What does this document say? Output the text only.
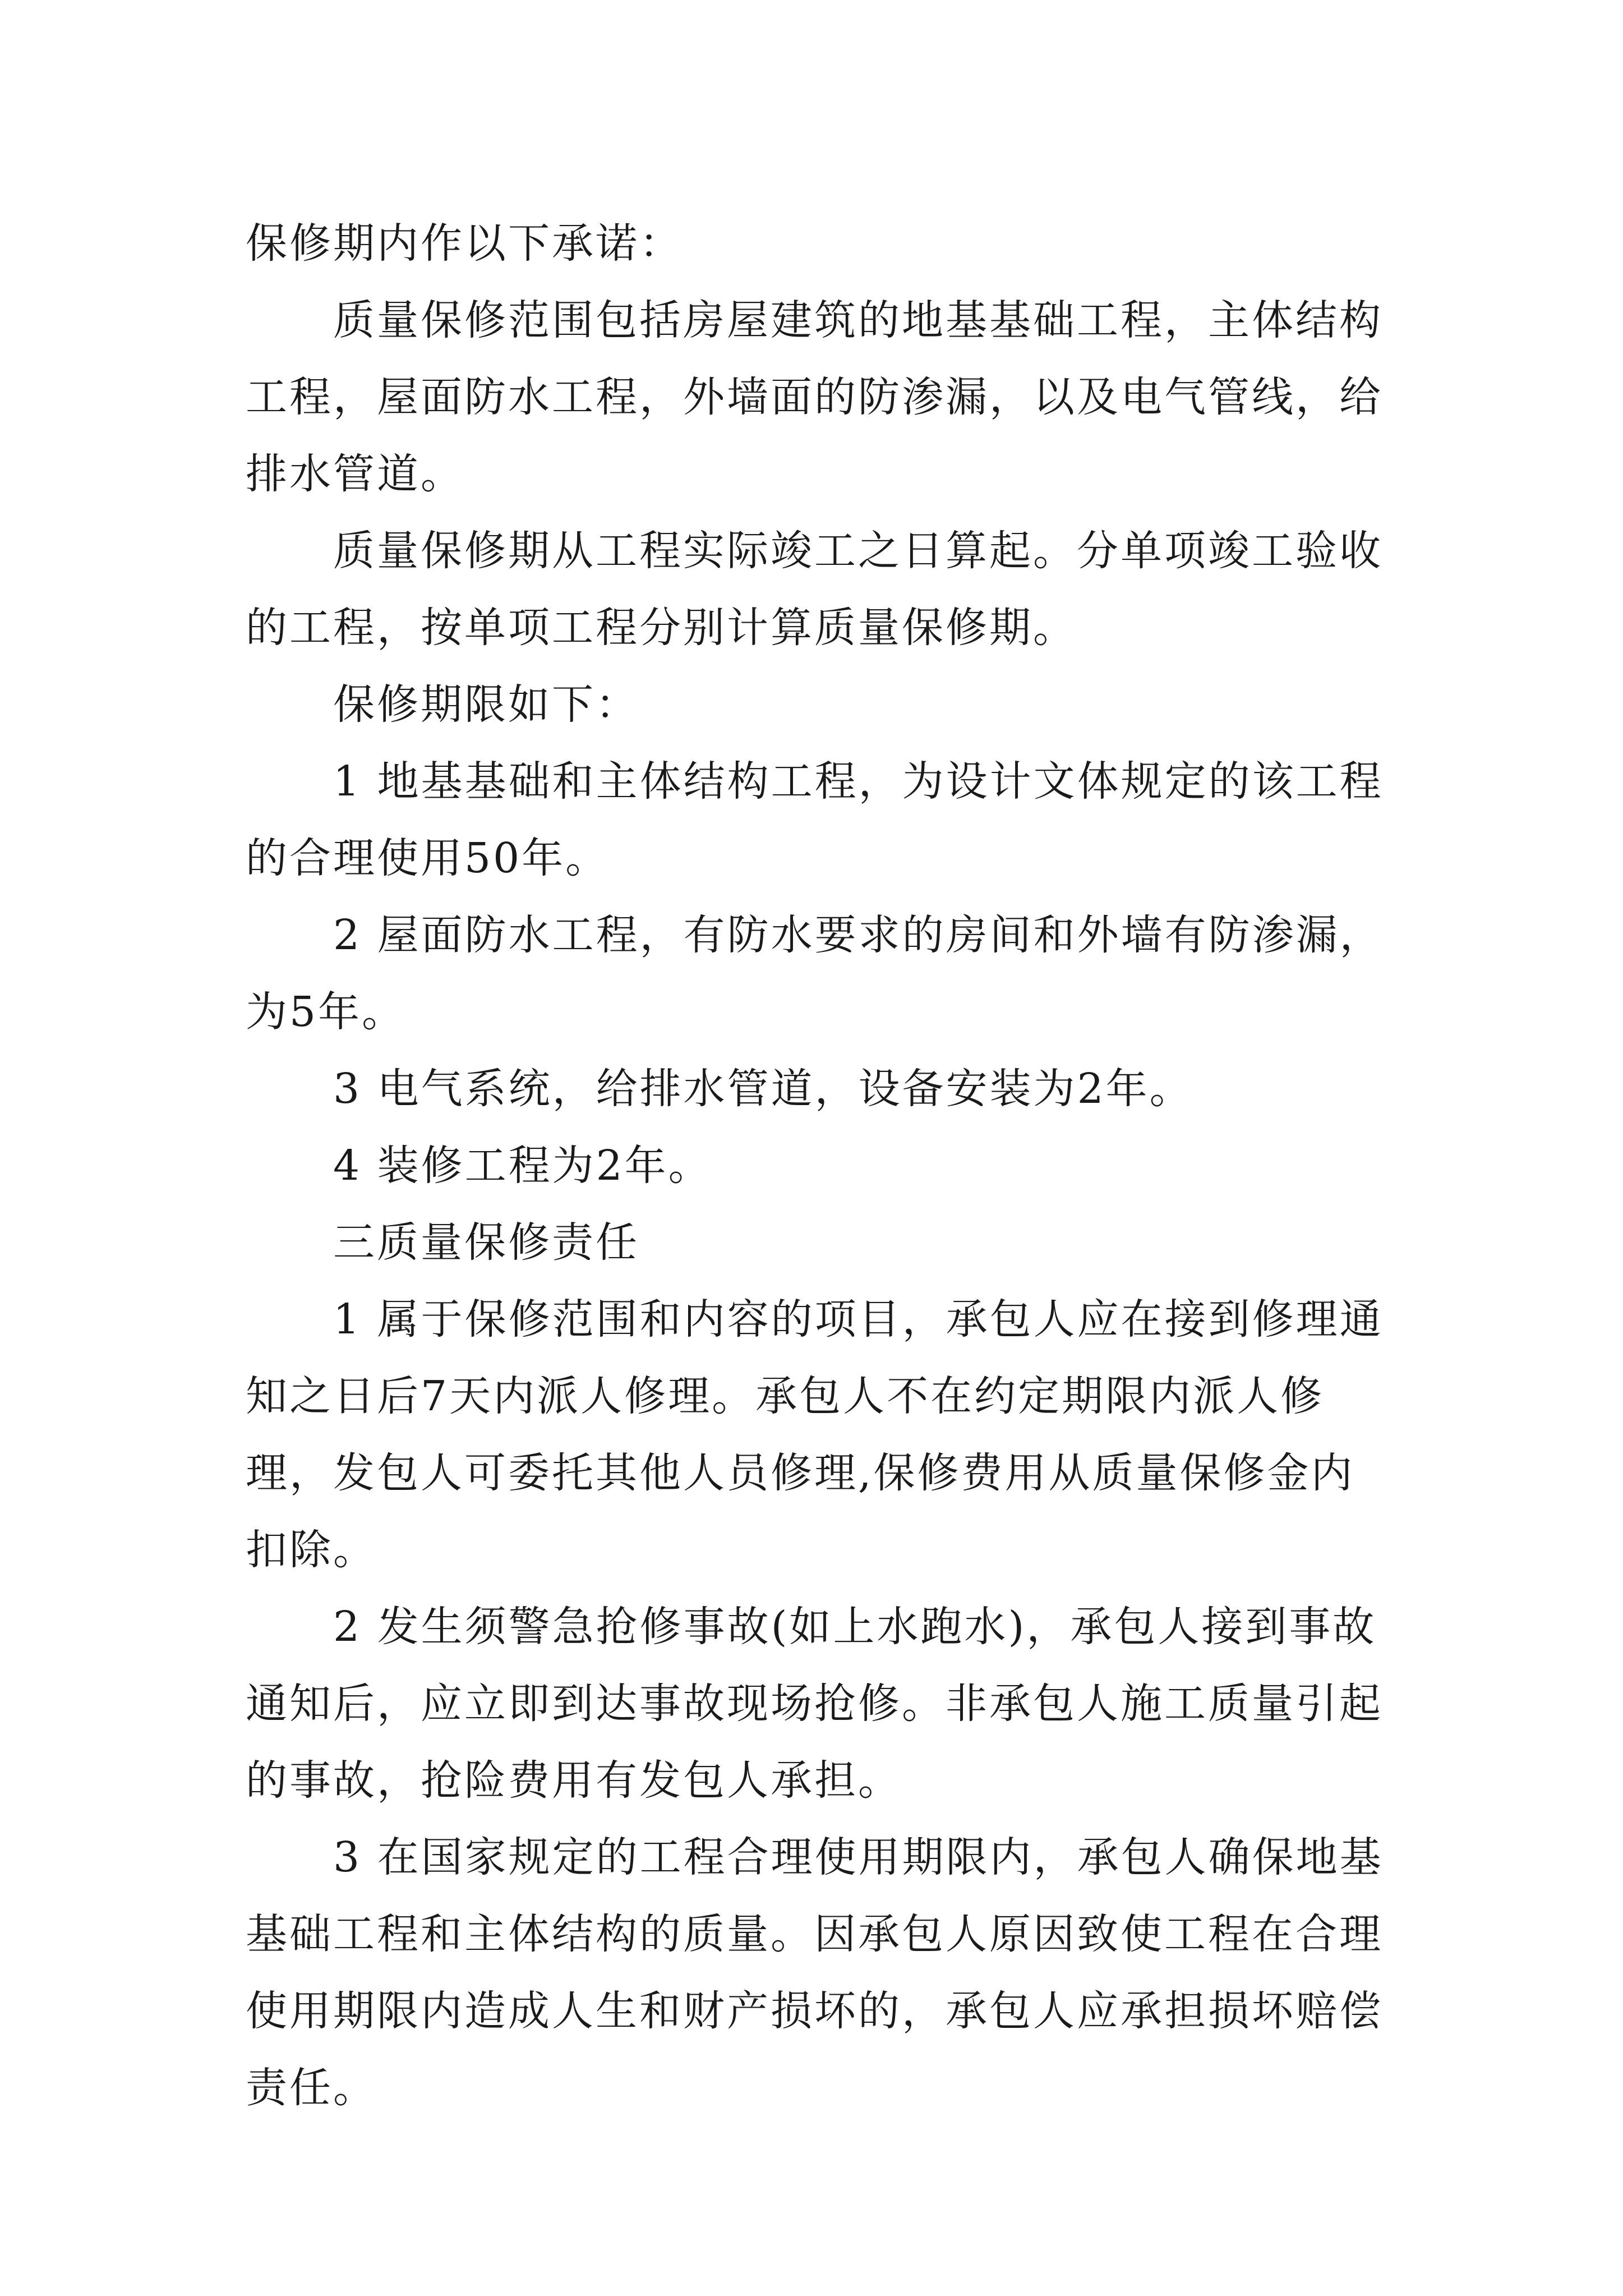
保修期内作以下承诺：

质量保修范围包括房屋建筑的地基基础工程，主体结构工程，屋面防水工程，外墙面的防渗漏，以及电气管线，给排水管道。

质量保修期从工程实际竣工之日算起。分单项竣工验收的工程，按单项工程分别计算质量保修期。

保修期限如下：

1 地基基础和主体结构工程，为设计文体规定的该工程的合理使用50年。

2 屋面防水工程，有防水要求的房间和外墙有防渗漏，为5年。

3 电气系统，给排水管道，设备安装为2年。

4 装修工程为2年。

三质量保修责任

1 属于保修范围和内容的项目，承包人应在接到修理通知之日后7天内派人修理。承包人不在约定期限内派人修理，发包人可委托其他人员修理,保修费用从质量保修金内扣除。

2 发生须警急抢修事故(如上水跑水)，承包人接到事故通知后，应立即到达事故现场抢修。非承包人施工质量引起的事故，抢险费用有发包人承担。

3 在国家规定的工程合理使用期限内，承包人确保地基基础工程和主体结构的质量。因承包人原因致使工程在合理使用期限内造成人生和财产损坏的，承包人应承担损坏赔偿责任。
